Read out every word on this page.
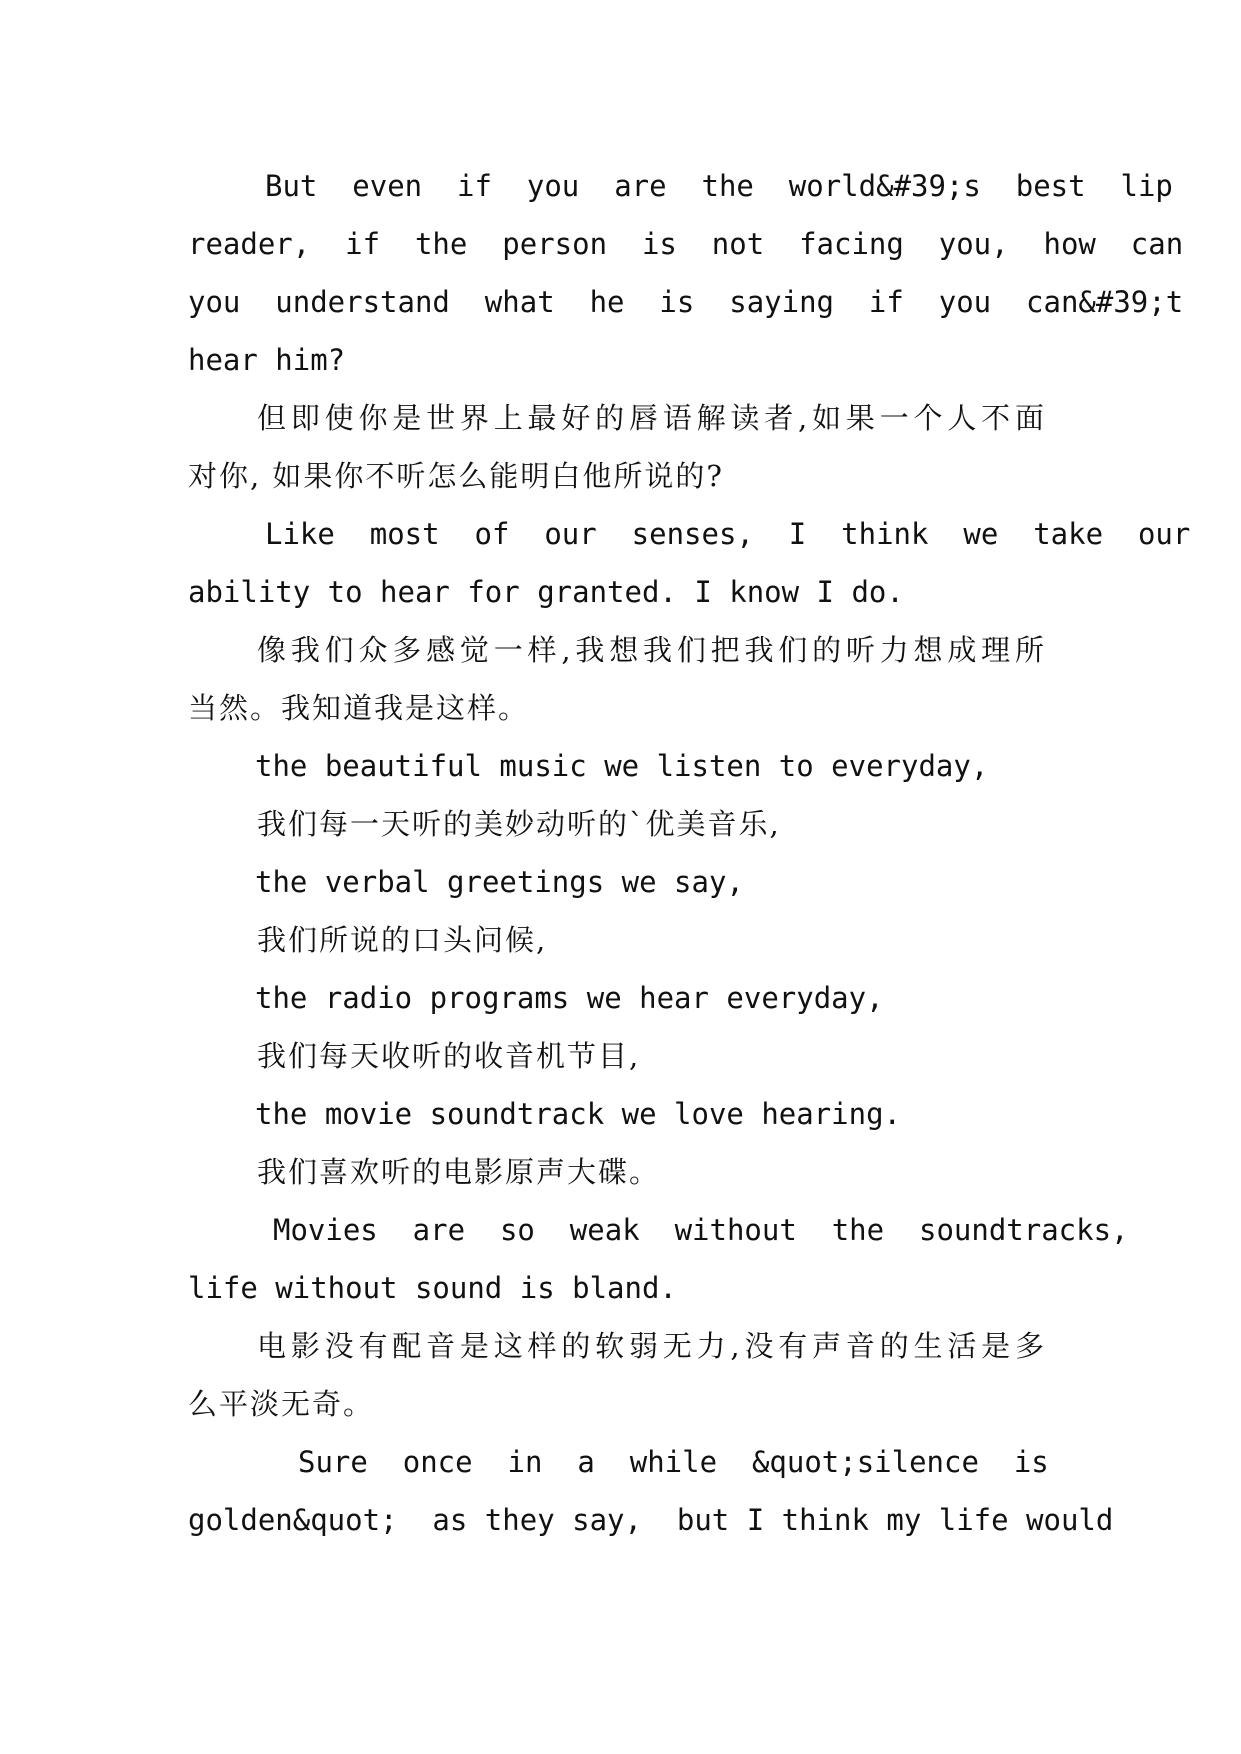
But  even  if  you  are  the  world&#39;s  best  lip
reader,  if  the  person  is  not  facing  you,  how  can
you  understand  what  he  is  saying  if  you  can&#39;t
hear him?
但即使你是世界上最好的唇语解读者,如果一个人不面
对你, 如果你不听怎么能明白他所说的?
Like  most  of  our  senses,  I  think  we  take  our
ability to hear for granted. I know I do.
像我们众多感觉一样,我想我们把我们的听力想成理所
当然。我知道我是这样。
the beautiful music we listen to everyday,
我们每一天听的美妙动听的`优美音乐,
the verbal greetings we say,
我们所说的口头问候,
the radio programs we hear everyday,
我们每天收听的收音机节目,
the movie soundtrack we love hearing.
我们喜欢听的电影原声大碟。
Movies  are  so  weak  without  the  soundtracks,
life without sound is bland.
电影没有配音是这样的软弱无力,没有声音的生活是多
么平淡无奇。
Sure  once  in  a  while  &quot;silence  is
golden&quot;  as they say,  but I think my life would
